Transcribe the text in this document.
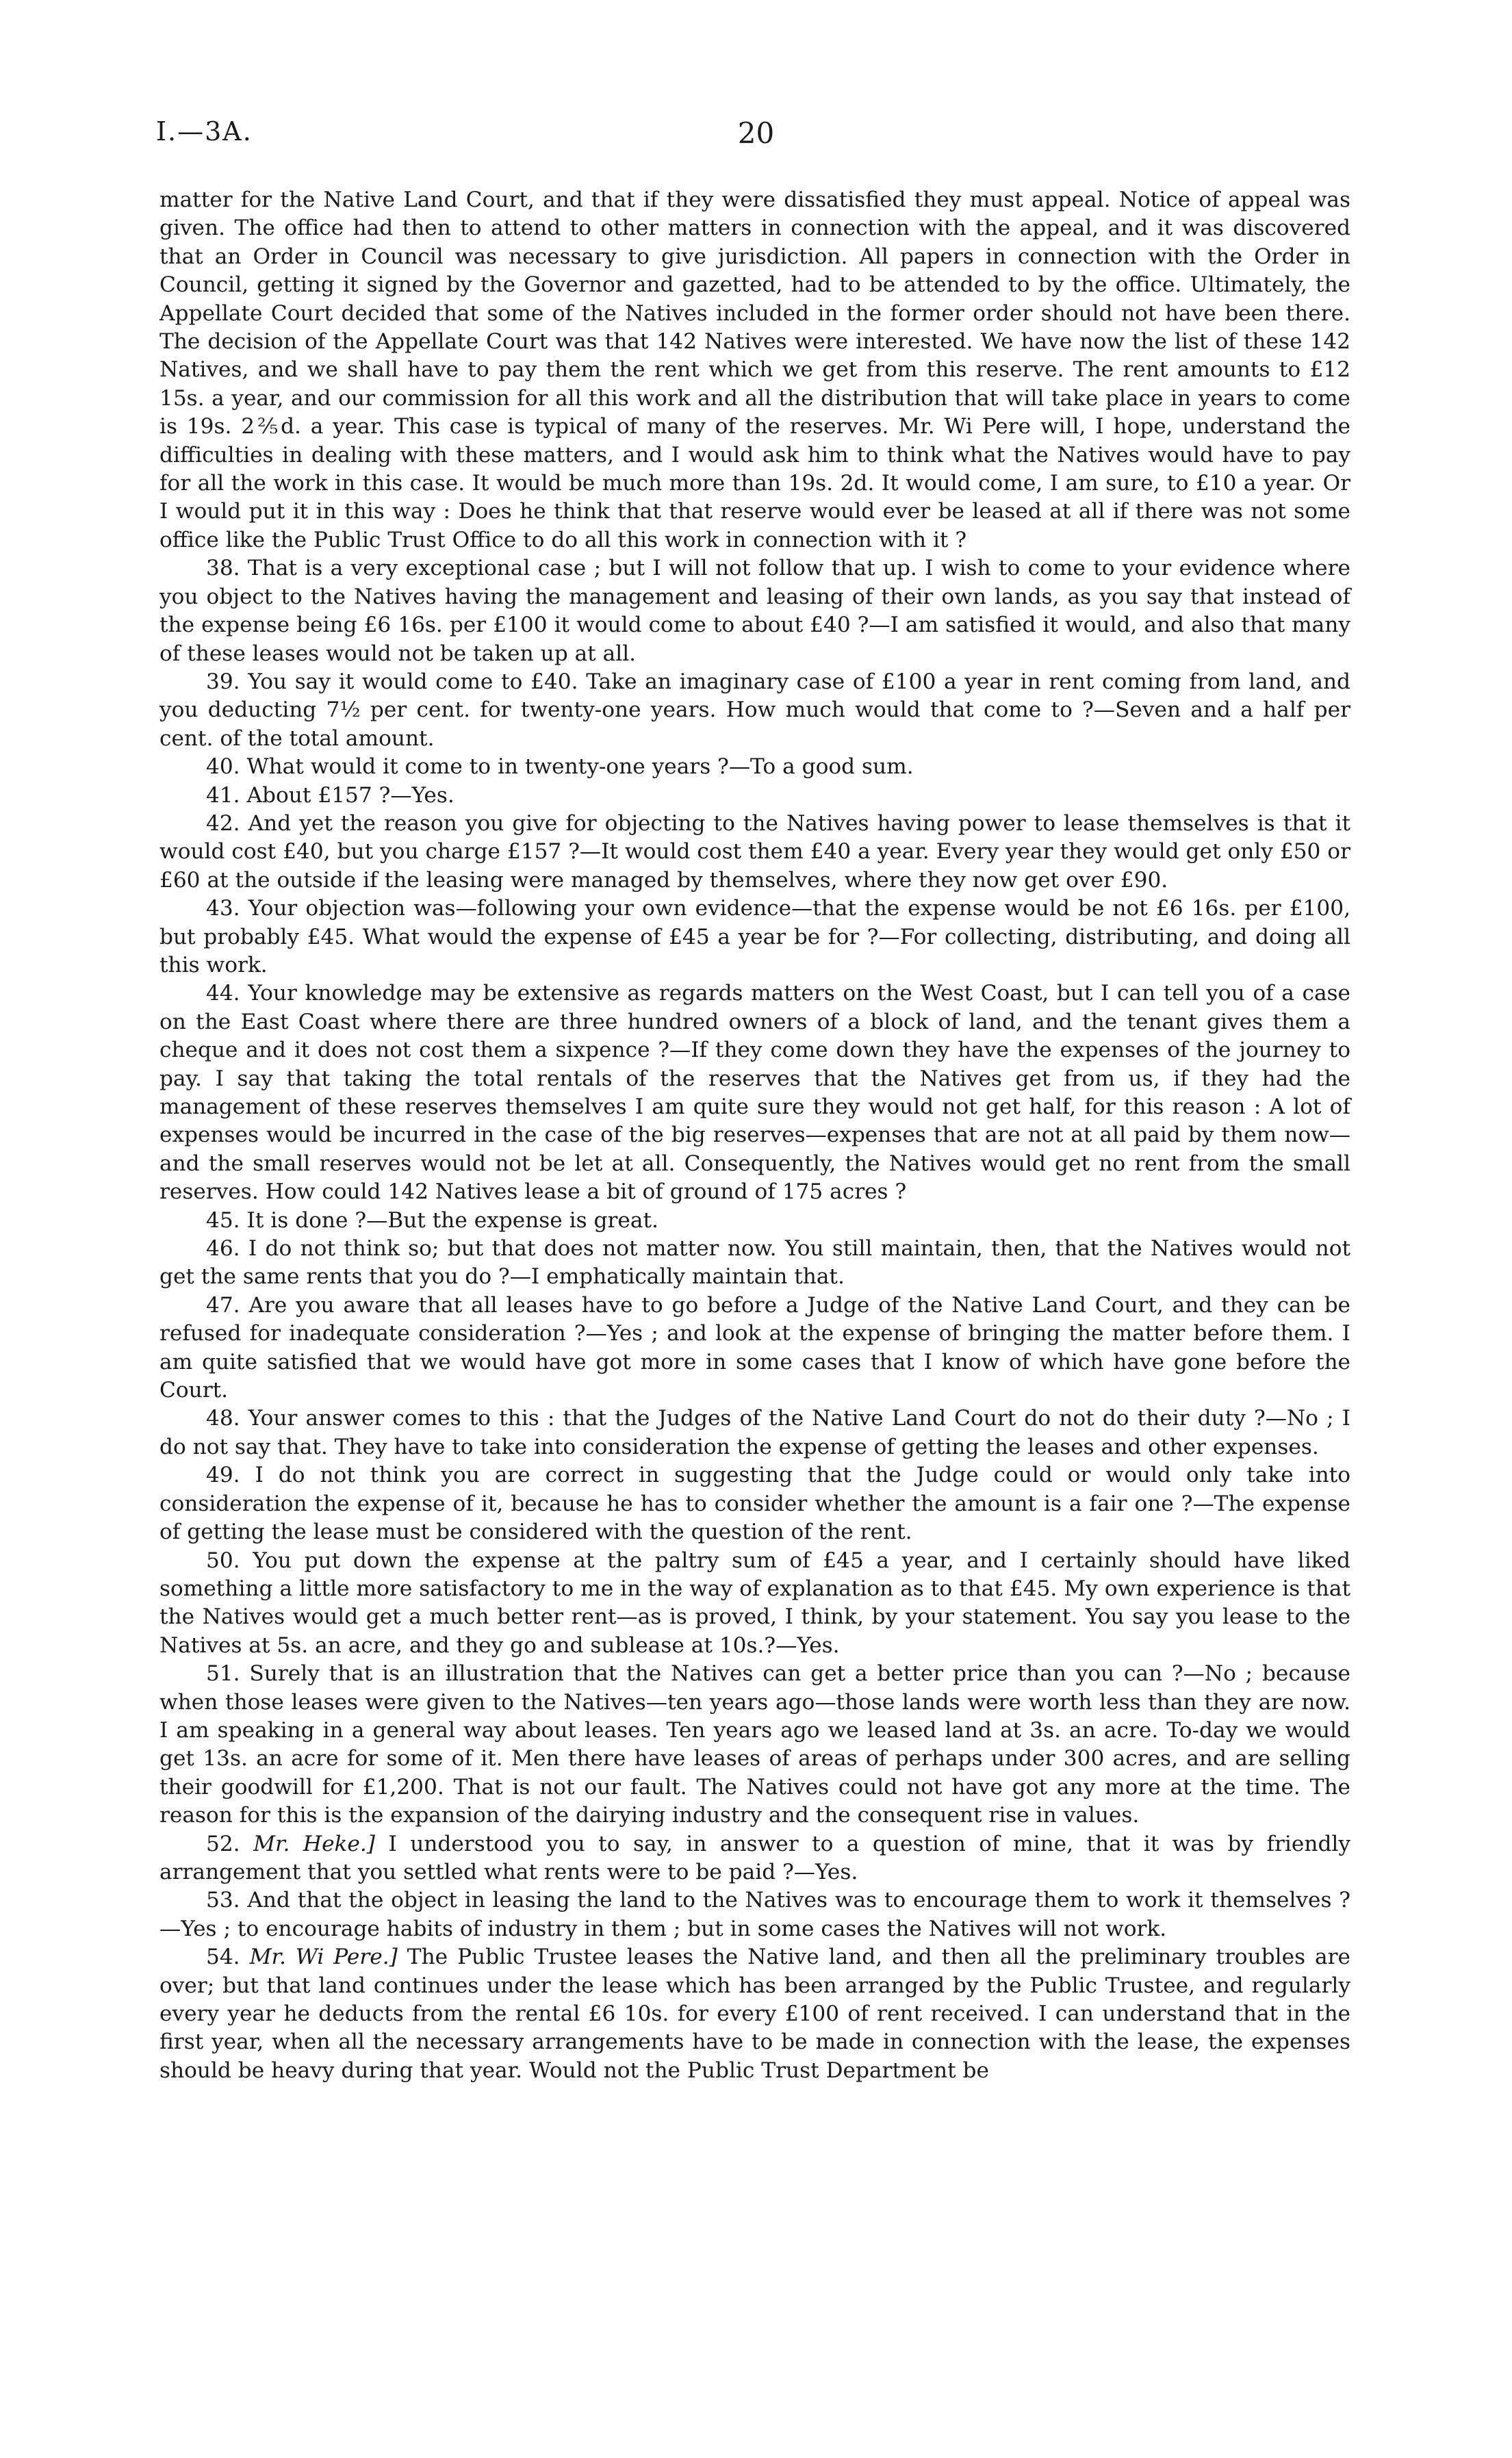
I.—3A.	20

matter for the Native Land Court, and that if they were dissatisfied they must appeal. Notice of appeal was given. The office had then to attend to other matters in connection with the appeal, and it was discovered that an Order in Council was necessary to give jurisdiction. All papers in connection with the Order in Council, getting it signed by the Governor and gazetted, had to be attended to by the office. Ultimately, the Appellate Court decided that some of the Natives included in the former order should not have been there. The decision of the Appellate Court was that 142 Natives were interested. We have now the list of these 142 Natives, and we shall have to pay them the rent which we get from this reserve. The rent amounts to £12 15s. a year, and our commission for all this work and all the distribution that will take place in years to come is 19s. 2⅖d. a year. This case is typical of many of the reserves. Mr. Wi Pere will, I hope, understand the difficulties in dealing with these matters, and I would ask him to think what the Natives would have to pay for all the work in this case. It would be much more than 19s. 2d. It would come, I am sure, to £10 a year. Or I would put it in this way : Does he think that that reserve would ever be leased at all if there was not some office like the Public Trust Office to do all this work in connection with it ?

38. That is a very exceptional case ; but I will not follow that up. I wish to come to your evidence where you object to the Natives having the management and leasing of their own lands, as you say that instead of the expense being £6 16s. per £100 it would come to about £40 ?—I am satisfied it would, and also that many of these leases would not be taken up at all.

39. You say it would come to £40. Take an imaginary case of £100 a year in rent coming from land, and you deducting 7½ per cent. for twenty-one years. How much would that come to ?—Seven and a half per cent. of the total amount.

40. What would it come to in twenty-one years ?—To a good sum.

41. About £157 ?—Yes.

42. And yet the reason you give for objecting to the Natives having power to lease themselves is that it would cost £40, but you charge £157 ?—It would cost them £40 a year. Every year they would get only £50 or £60 at the outside if the leasing were managed by themselves, where they now get over £90.

43. Your objection was—following your own evidence—that the expense would be not £6 16s. per £100, but probably £45. What would the expense of £45 a year be for ?—For collecting, distributing, and doing all this work.

44. Your knowledge may be extensive as regards matters on the West Coast, but I can tell you of a case on the East Coast where there are three hundred owners of a block of land, and the tenant gives them a cheque and it does not cost them a sixpence ?—If they come down they have the expenses of the journey to pay. I say that taking the total rentals of the reserves that the Natives get from us, if they had the management of these reserves themselves I am quite sure they would not get half, for this reason : A lot of expenses would be incurred in the case of the big reserves—expenses that are not at all paid by them now—and the small reserves would not be let at all. Consequently, the Natives would get no rent from the small reserves. How could 142 Natives lease a bit of ground of 175 acres ?

45. It is done ?—But the expense is great.

46. I do not think so; but that does not matter now. You still maintain, then, that the Natives would not get the same rents that you do ?—I emphatically maintain that.

47. Are you aware that all leases have to go before a Judge of the Native Land Court, and they can be refused for inadequate consideration ?—Yes ; and look at the expense of bringing the matter before them. I am quite satisfied that we would have got more in some cases that I know of which have gone before the Court.

48. Your answer comes to this : that the Judges of the Native Land Court do not do their duty ?—No ; I do not say that. They have to take into consideration the expense of getting the leases and other expenses.

49. I do not think you are correct in suggesting that the Judge could or would only take into consideration the expense of it, because he has to consider whether the amount is a fair one ?—The expense of getting the lease must be considered with the question of the rent.

50. You put down the expense at the paltry sum of £45 a year, and I certainly should have liked something a little more satisfactory to me in the way of explanation as to that £45. My own experience is that the Natives would get a much better rent—as is proved, I think, by your statement. You say you lease to the Natives at 5s. an acre, and they go and sublease at 10s.?—Yes.

51. Surely that is an illustration that the Natives can get a better price than you can ?—No ; because when those leases were given to the Natives—ten years ago—those lands were worth less than they are now. I am speaking in a general way about leases. Ten years ago we leased land at 3s. an acre. To-day we would get 13s. an acre for some of it. Men there have leases of areas of perhaps under 300 acres, and are selling their goodwill for £1,200. That is not our fault. The Natives could not have got any more at the time. The reason for this is the expansion of the dairying industry and the consequent rise in values.

52. Mr. Heke.] I understood you to say, in answer to a question of mine, that it was by friendly arrangement that you settled what rents were to be paid ?—Yes.

53. And that the object in leasing the land to the Natives was to encourage them to work it themselves ?—Yes ; to encourage habits of industry in them ; but in some cases the Natives will not work.

54. Mr. Wi Pere.] The Public Trustee leases the Native land, and then all the preliminary troubles are over; but that land continues under the lease which has been arranged by the Public Trustee, and regularly every year he deducts from the rental £6 10s. for every £100 of rent received. I can understand that in the first year, when all the necessary arrangements have to be made in connection with the lease, the expenses should be heavy during that year. Would not the Public Trust Department be
